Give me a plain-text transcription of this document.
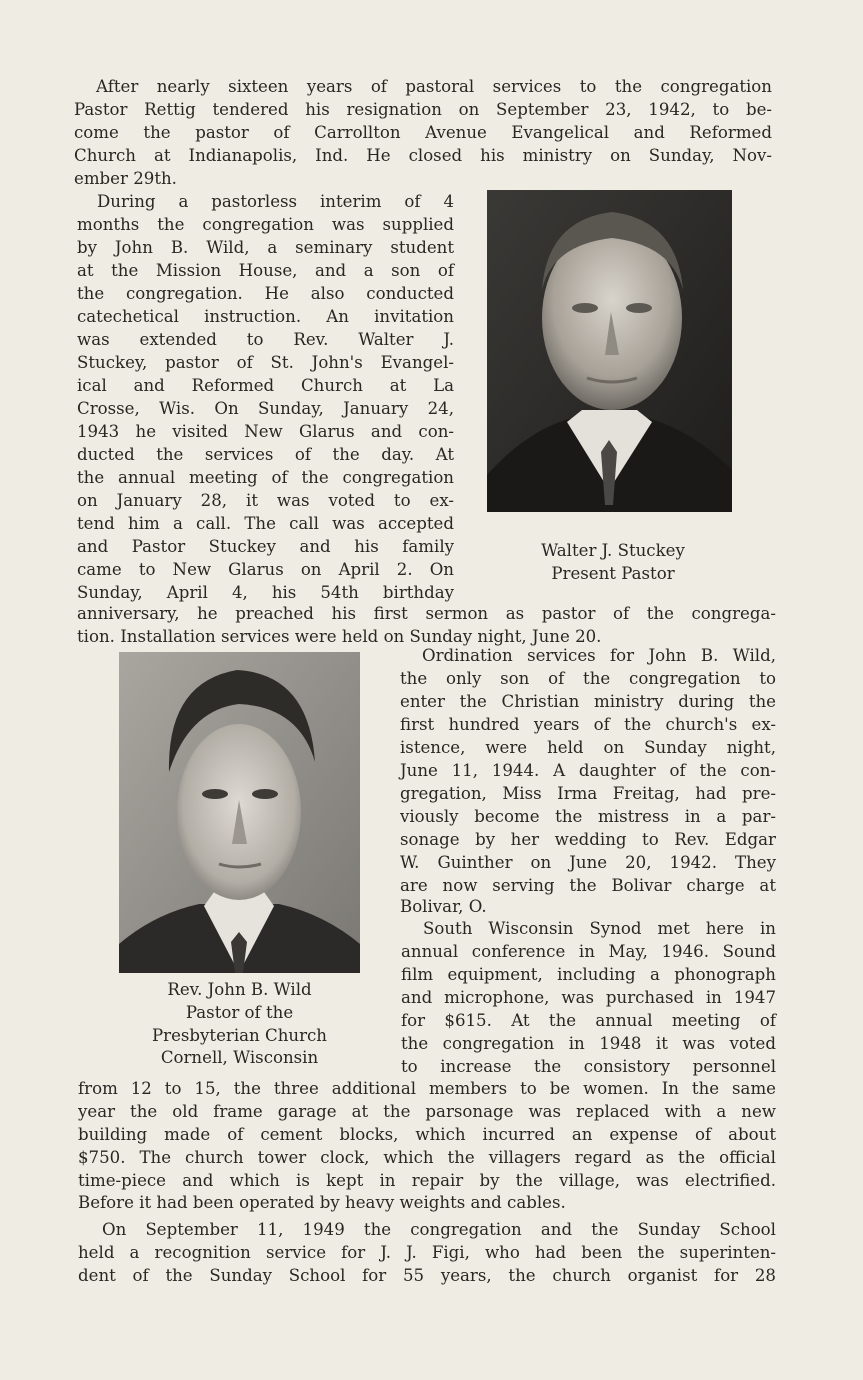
After nearly sixteen years of pastoral services to the congregation

Pastor Rettig tendered his resignation on September 23, 1942, to be-

come the pastor of Carrollton Avenue Evangelical and Reformed

Church at Indianapolis, Ind. He closed his ministry on Sunday, Nov-

ember 29th.

During a pastorless interim of 4

months the congregation was supplied

by John B. Wild, a seminary student

at the Mission House, and a son of

the congregation. He also conducted

catechetical instruction. An invitation

was extended to Rev. Walter J.

Stuckey, pastor of St. John's Evangel-

ical and Reformed Church at La

Crosse, Wis. On Sunday, January 24,

1943 he visited New Glarus and con-

ducted the services of the day. At

the annual meeting of the congregation

on January 28, it was voted to ex-

tend him a call. The call was accepted

and Pastor Stuckey and his family

came to New Glarus on April 2. On

Sunday, April 4, his 54th birthday

anniversary, he preached his first sermon as pastor of the congrega-

tion. Installation services were held on Sunday night, June 20.

Walter J. Stuckey

Present Pastor

Rev. John B. Wild

Pastor of the

Presbyterian Church

Cornell, Wisconsin

Ordination services for John B. Wild,

the only son of the congregation to

enter the Christian ministry during the

first hundred years of the church's ex-

istence, were held on Sunday night,

June 11, 1944. A daughter of the con-

gregation, Miss Irma Freitag, had pre-

viously become the mistress in a par-

sonage by her wedding to Rev. Edgar

W. Guinther on June 20, 1942. They

are now serving the Bolivar charge at

Bolivar, O.

South Wisconsin Synod met here in

annual conference in May, 1946. Sound

film equipment, including a phonograph

and microphone, was purchased in 1947

for $615. At the annual meeting of

the congregation in 1948 it was voted

to increase the consistory personnel

from 12 to 15, the three additional members to be women. In the same

year the old frame garage at the parsonage was replaced with a new

building made of cement blocks, which incurred an expense of about

$750. The church tower clock, which the villagers regard as the official

time-piece and which is kept in repair by the village, was electrified.

Before it had been operated by heavy weights and cables.

On September 11, 1949 the congregation and the Sunday School

held a recognition service for J. J. Figi, who had been the superinten-

dent of the Sunday School for 55 years, the church organist for 28
